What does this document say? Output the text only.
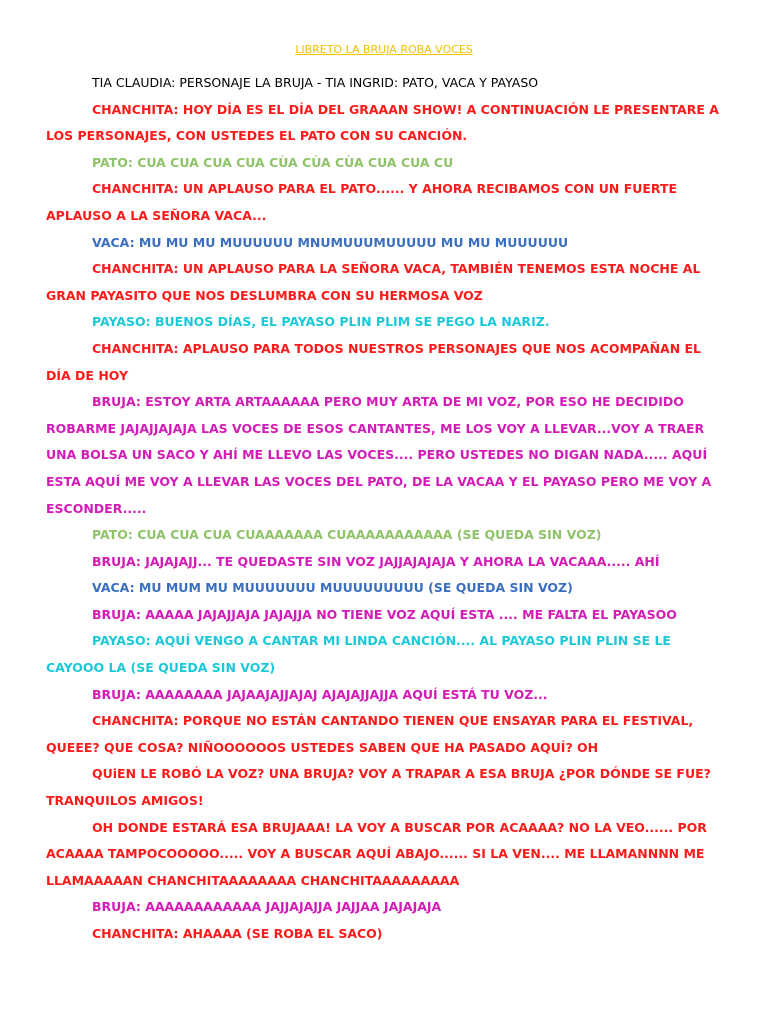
LIBRETO LA BRUJA ROBA VOCES

TIA CLAUDIA: PERSONAJE LA BRUJA - TIA INGRID: PATO, VACA Y PAYASO

CHANCHITA: HOY DÍA ES EL DÍA DEL GRAAAN SHOW! A CONTINUACIÓN LE PRESENTARE A LOS PERSONAJES, CON USTEDES EL PATO CON SU CANCIÓN.

PATO: CUA CUA CUA CUA CÙA CÙA CÙA CUA CUA CU

CHANCHITA: UN APLAUSO PARA EL PATO...... Y AHORA RECIBAMOS CON UN FUERTE APLAUSO A LA SEÑORA VACA...

VACA: MU MU MU MUUUUUU MNUMUUUMUUUUU MU MU MUUUUUU

CHANCHITA: UN APLAUSO PARA LA SEÑORA VACA, TAMBIÉN TENEMOS ESTA NOCHE AL GRAN PAYASITO QUE NOS DESLUMBRA CON SU HERMOSA VOZ

PAYASO: BUENOS DÍAS, EL PAYASO PLIN PLIM SE PEGO LA NARIZ.

CHANCHITA: APLAUSO PARA TODOS NUESTROS PERSONAJES QUE NOS ACOMPAÑAN EL DÍA DE HOY

BRUJA: ESTOY ARTA ARTAAAAAA PERO MUY ARTA DE MI VOZ, POR ESO HE DECIDIDO ROBARME JAJAJJAJAJA LAS VOCES DE ESOS CANTANTES, ME LOS VOY A LLEVAR...VOY A TRAER UNA BOLSA UN SACO Y AHÍ ME LLEVO LAS VOCES.... PERO USTEDES NO DIGAN NADA..... AQUÍ ESTA AQUÍ ME VOY A LLEVAR LAS VOCES DEL PATO, DE LA VACAA Y EL PAYASO PERO ME VOY A ESCONDER.....

PATO: CUA CUA CUA CUAAAAAAA CUAAAAAAAAAAA (SE QUEDA SIN VOZ)

BRUJA: JAJAJAJJ... TE QUEDASTE SIN VOZ JAJJAJAJAJA Y AHORA LA VACAAA..... AHÍ

VACA: MU MUM MU MUUUUUUU MUUUUUUUUU (SE QUEDA SIN VOZ)

BRUJA: AAAAA JAJAJJAJA JAJAJJA NO TIENE VOZ AQUÍ ESTA .... ME FALTA EL PAYASOO

PAYASO: AQUÍ VENGO A CANTAR MI LINDA CANCIÓN.... AL PAYASO PLIN PLIN SE LE CAYOOO LA (SE QUEDA SIN VOZ)

BRUJA: AAAAAAAA JAJAAJAJJAJAJ AJAJAJJAJJA AQUÍ ESTÁ TU VOZ...

CHANCHITA: PORQUE NO ESTÁN CANTANDO TIENEN QUE ENSAYAR PARA EL FESTIVAL, QUEEE? QUE COSA? NIÑOOOOOOS USTEDES SABEN QUE HA PASADO AQUÍ? OH

QUiEN LE ROBÓ LA VOZ? UNA BRUJA? VOY A TRAPAR A ESA BRUJA ¿POR DÓNDE SE FUE? TRANQUILOS AMIGOS!

OH DONDE ESTARÁ ESA BRUJAAA! LA VOY A BUSCAR POR ACAAAA? NO LA VEO...... POR ACAAAA TAMPOCOOOOO..... VOY A BUSCAR AQUÍ ABAJO...... SI LA VEN.... ME LLAMANNNN ME LLAMAAAAAN CHANCHITAAAAAAAA CHANCHITAAAAAAAAA

BRUJA: AAAAAAAAAAAA JAJJAJAJJA JAJJAA JAJAJAJA

CHANCHITA: AHAAAA (SE ROBA EL SACO)
